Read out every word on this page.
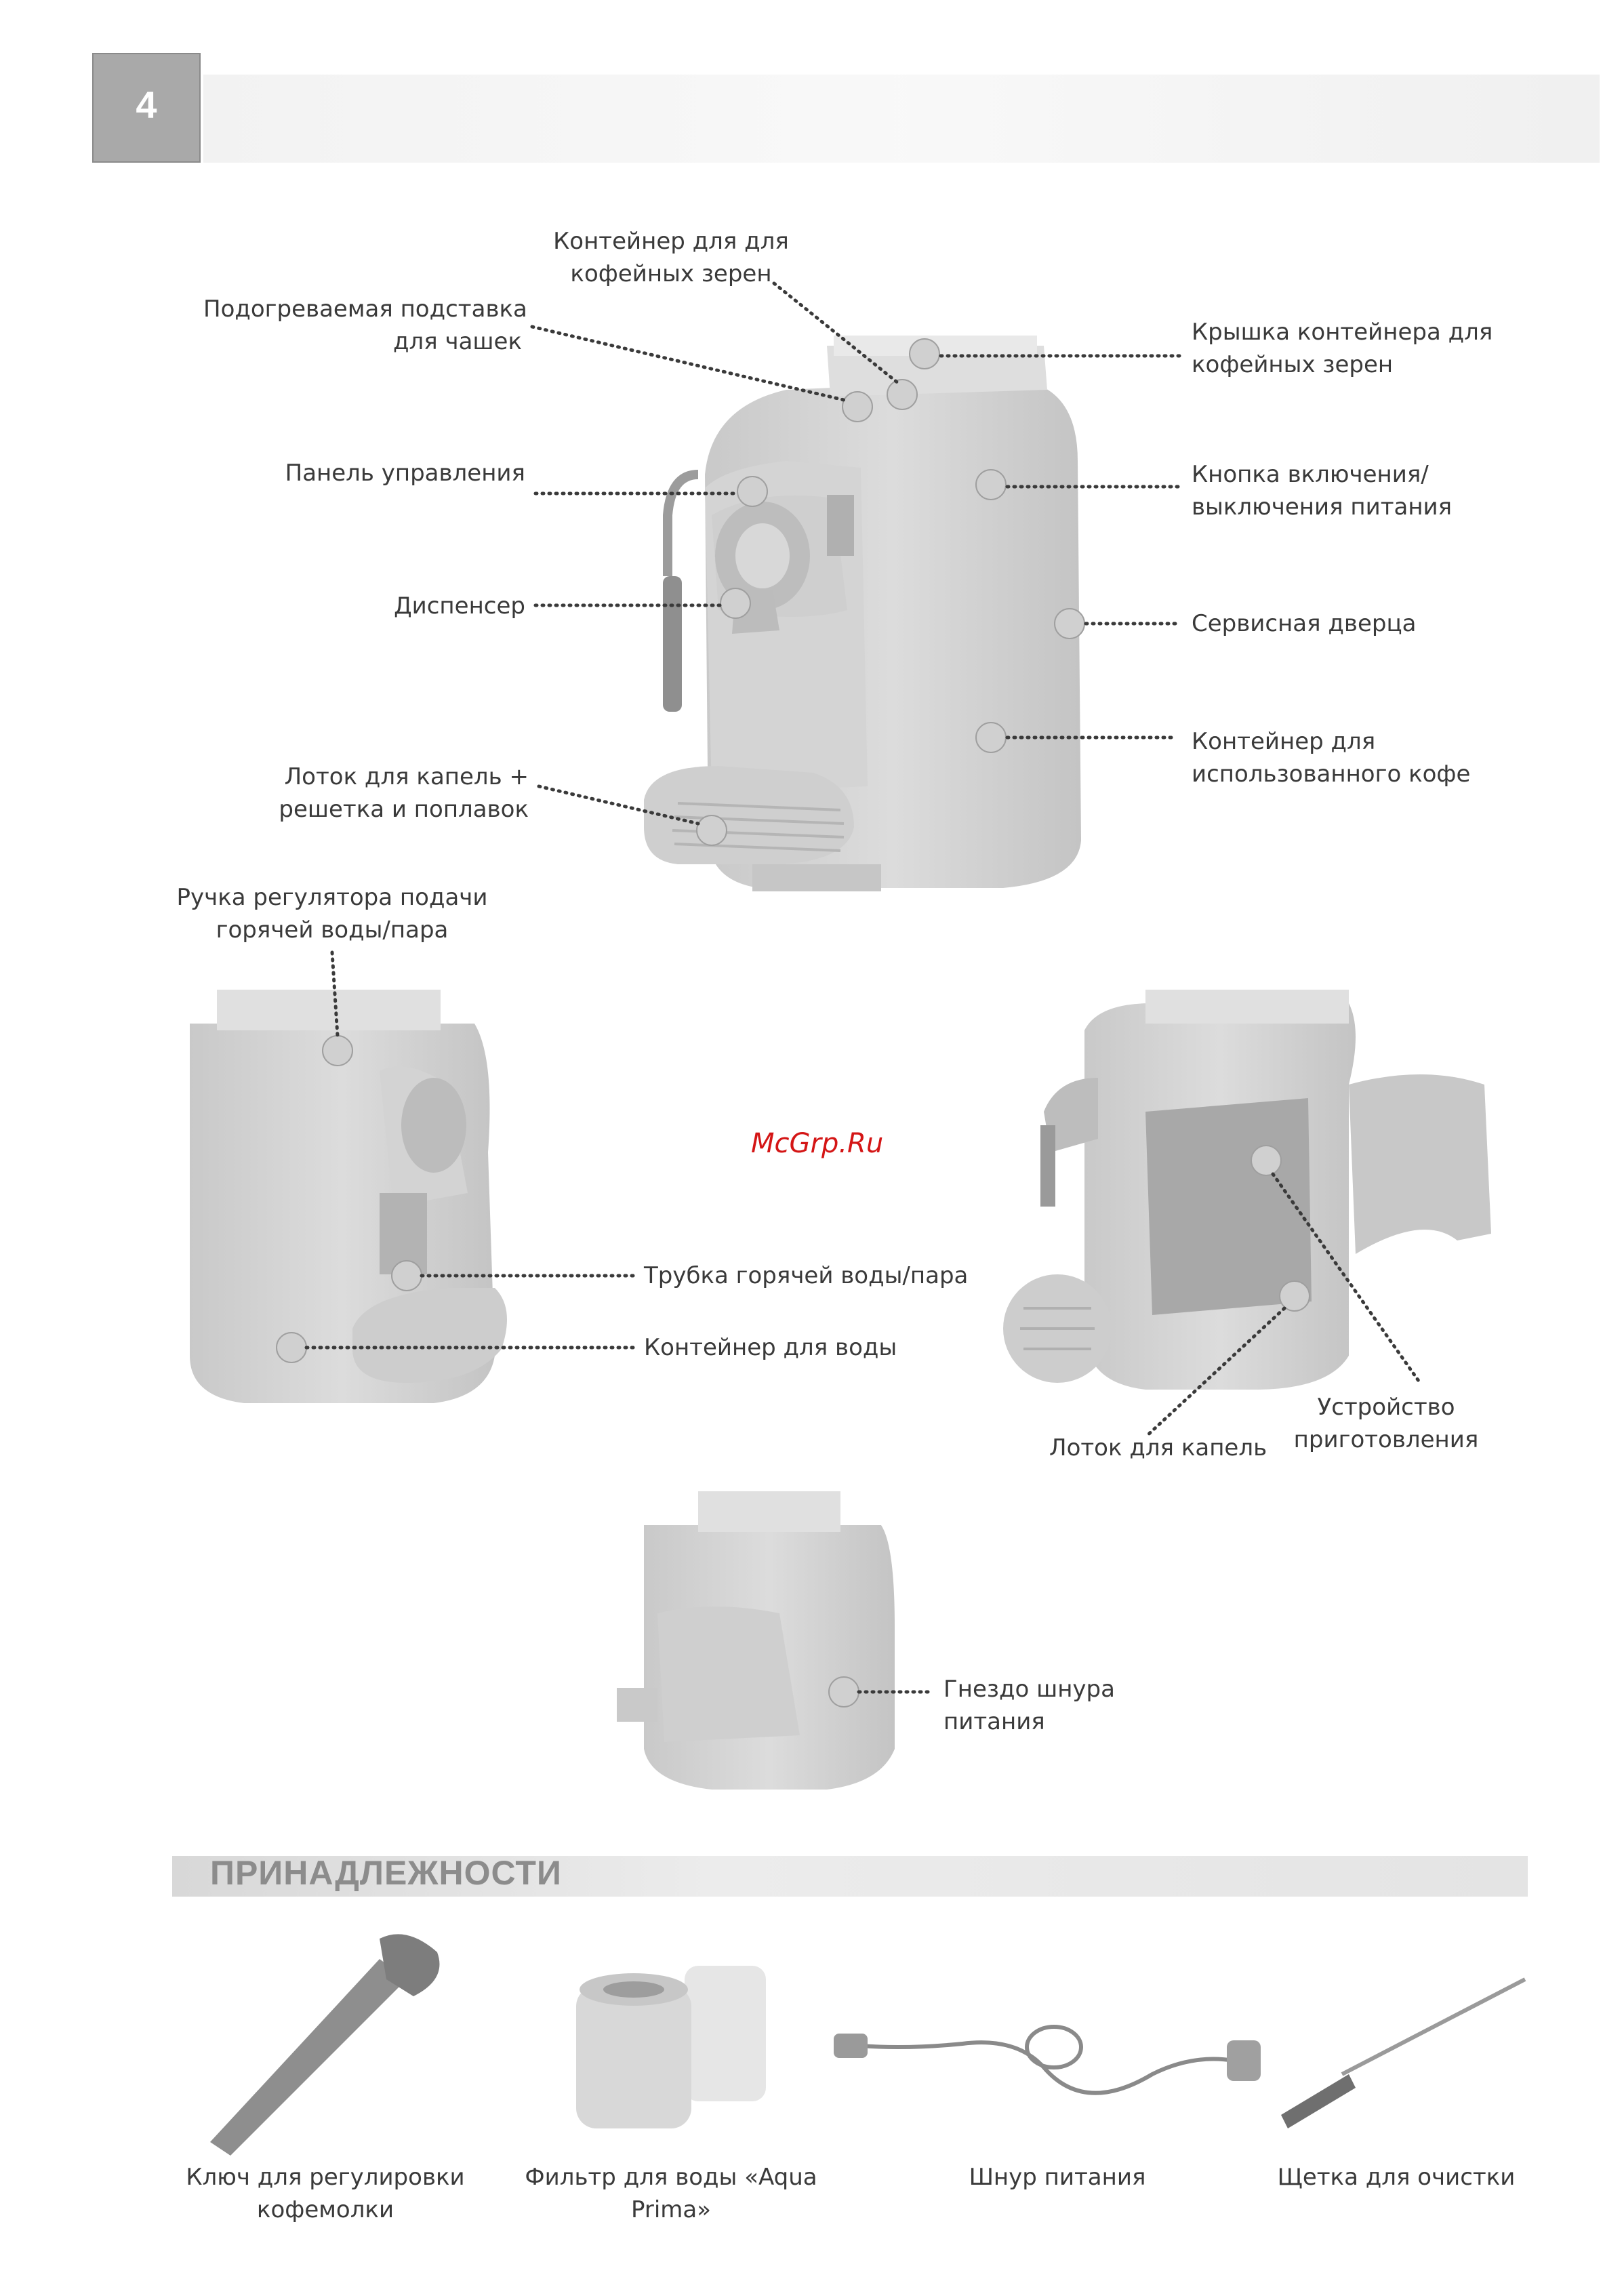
4
McGrp.Ru
Контейнер для для
кофейных зерен
Подогреваемая подставка
для чашек	Крышка контейнера для
кофейных зерен
Панель управления	Кнопка включения/
выключения питания
Диспенсер
Сервисная дверца
Контейнер для
использованного кофе
Лоток для капель +
решетка и поплавок
Ручка регулятора подачи
горячей воды/пара
Трубка горячей воды/пара
Контейнер для воды
Устройство
приготовления
Лоток для капель
Гнездо шнура
питания
ПРИНАДЛЕЖНОСТИ
Ключ для регулировки
кофемолки
Фильтр для воды «Aqua
Prima»
Шнур питания	Щетка для очистки
